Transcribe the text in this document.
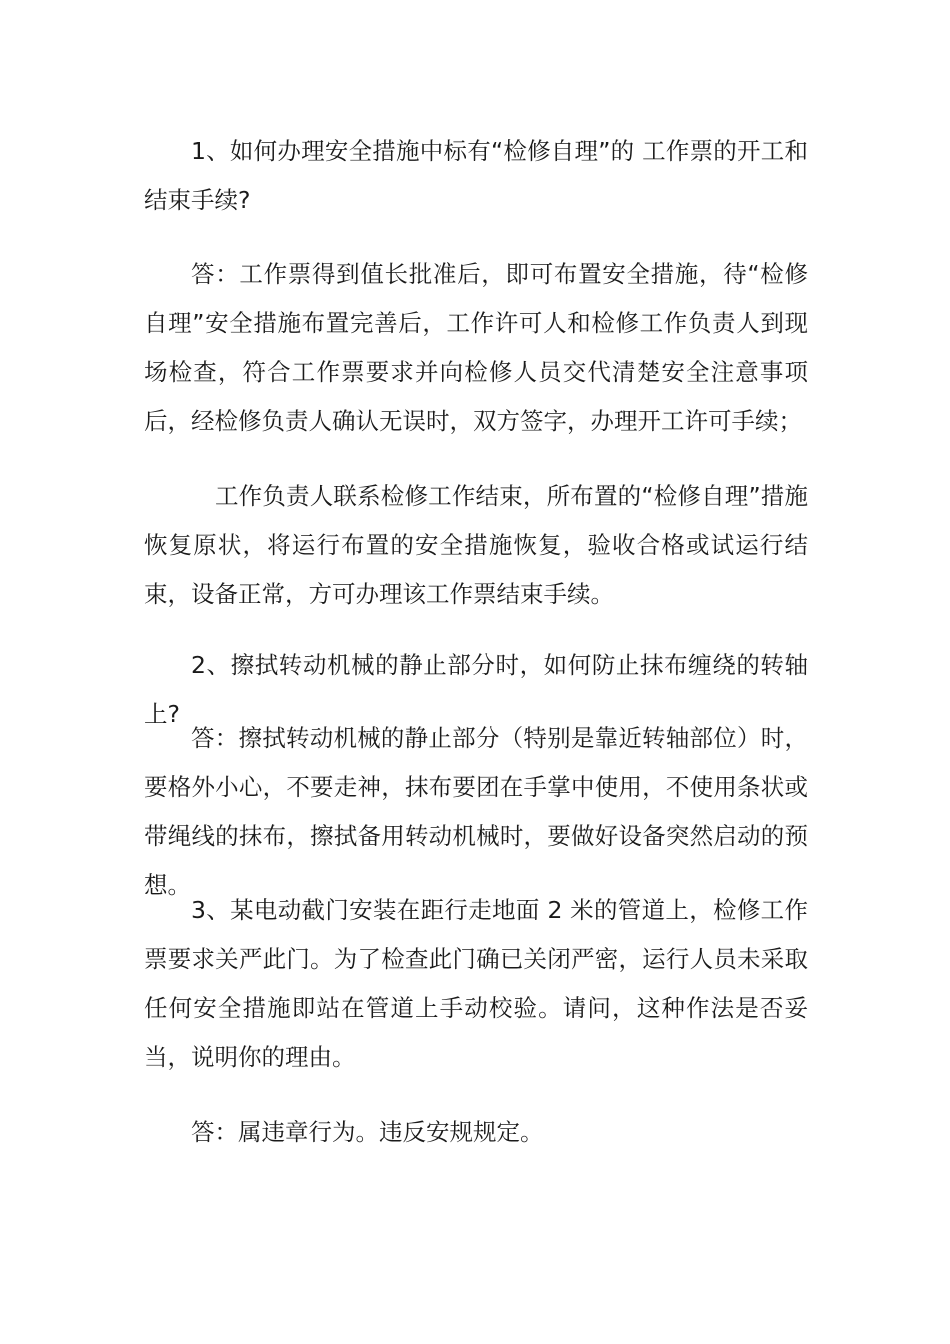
1、如何办理安全措施中标有“检修自理”的 工作票的开工和结束手续?

答：工作票得到值长批准后，即可布置安全措施，待“检修自理”安全措施布置完善后，工作许可人和检修工作负责人到现场检查，符合工作票要求并向检修人员交代清楚安全注意事项后，经检修负责人确认无误时，双方签字，办理开工许可手续；

工作负责人联系检修工作结束，所布置的“检修自理”措施恢复原状，将运行布置的安全措施恢复，验收合格或试运行结束，设备正常，方可办理该工作票结束手续。

2、擦拭转动机械的静止部分时，如何防止抹布缠绕的转轴上?

答：擦拭转动机械的静止部分（特别是靠近转轴部位）时，要格外小心，不要走神，抹布要团在手掌中使用，不使用条状或带绳线的抹布，擦拭备用转动机械时，要做好设备突然启动的预想。

3、某电动截门安装在距行走地面 2 米的管道上，检修工作票要求关严此门。为了检查此门确已关闭严密，运行人员未采取任何安全措施即站在管道上手动校验。请问，这种作法是否妥当，说明你的理由。

答：属违章行为。违反安规规定。
